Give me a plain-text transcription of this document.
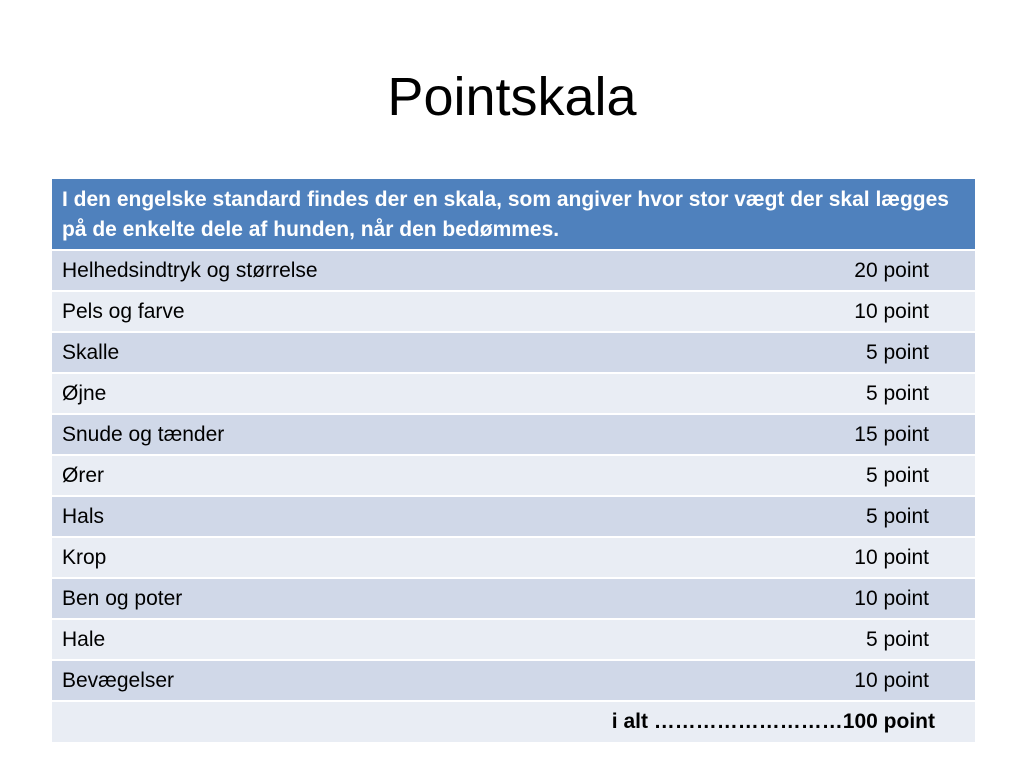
Pointskala
I den engelske standard findes der en skala, som angiver hvor stor vægt der skal lægges på de enkelte dele af hunden, når den bedømmes.	
Helhedsindtryk og størrelse	20 point
Pels og farve	10 point
Skalle	5 point
Øjne	5 point
Snude og tænder	15 point
Ører	5 point
Hals	5 point
Krop	10 point
Ben og poter	10 point
Hale	5 point
Bevægelser	10 point
i alt ………………………100 point	
